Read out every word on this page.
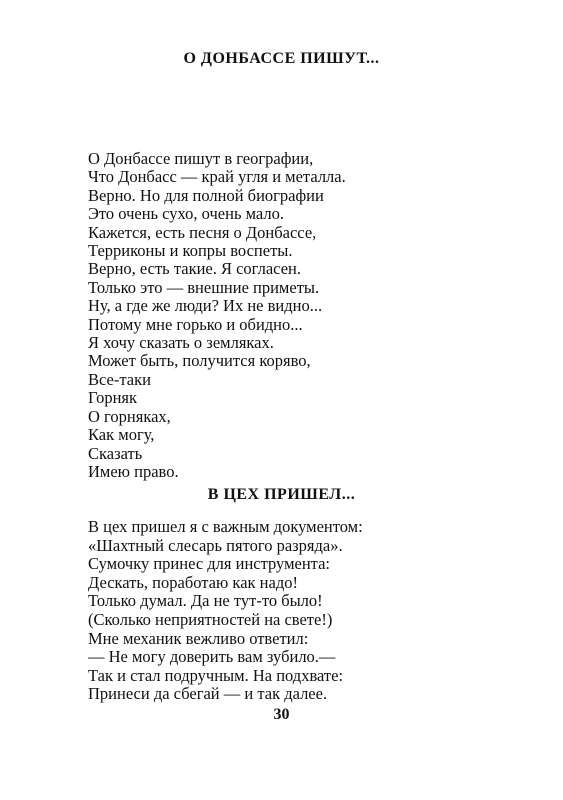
О ДОНБАССЕ ПИШУТ...
О Донбассе пишут в географии,
Что Донбасс — край угля и металла.
Верно. Но для полной биографии
Это очень сухо, очень мало.
Кажется, есть песня о Донбассе,
Терриконы и копры воспеты.
Верно, есть такие. Я согласен.
Только это — внешние приметы.
Ну, а где же люди? Их не видно...
Потому мне горько и обидно...
Я хочу сказать о земляках.
Может быть, получится коряво,
Все-таки
Горняк
О горняках,
Как могу,
Сказать
Имею право.
В ЦЕХ ПРИШЕЛ...
В цех пришел я с важным документом:
«Шахтный слесарь пятого разряда».
Сумочку принес для инструмента:
Дескать, поработаю как надо!
Только думал. Да не тут-то было!
(Сколько неприятностей на свете!)
Мне механик вежливо ответил:
— Не могу доверить вам зубило.—
Так и стал подручным. На подхвате:
Принеси да сбегай — и так далее.

30
